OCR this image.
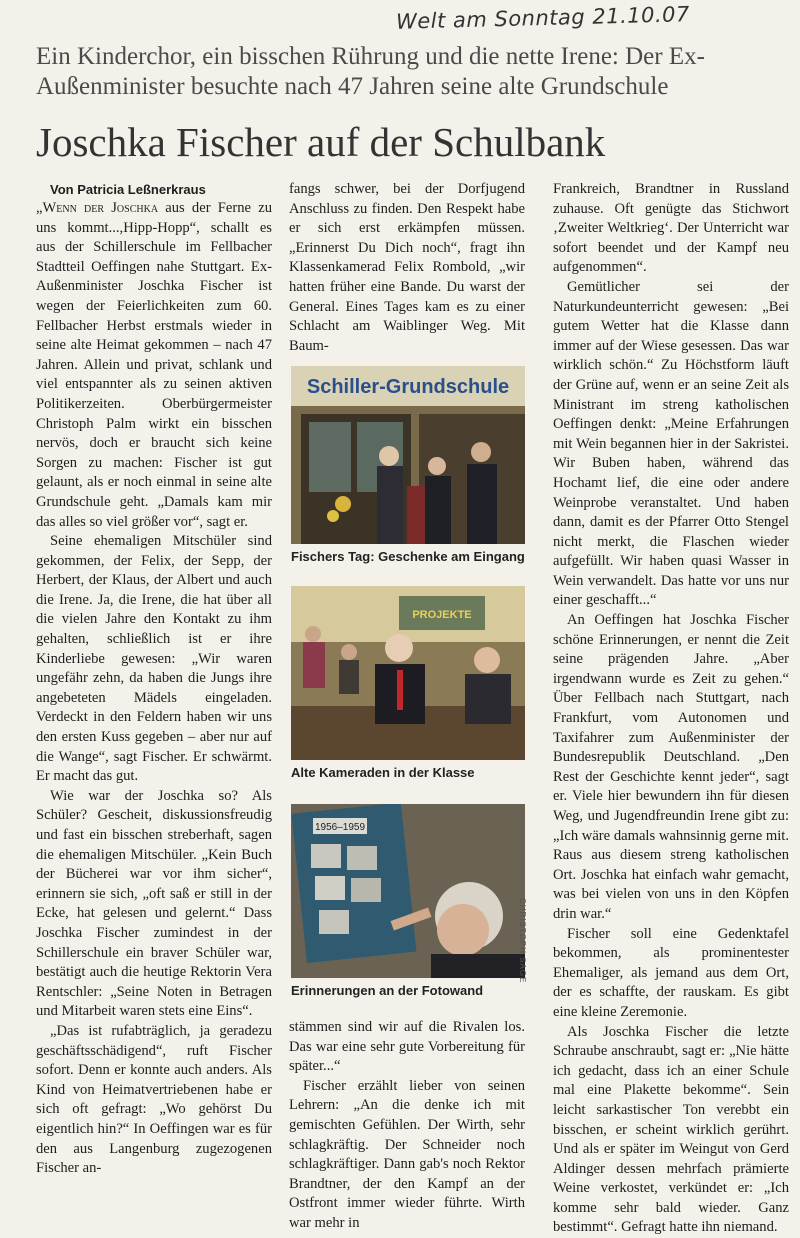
Welt am Sonntag 21.10.07
Ein Kinderchor, ein bisschen Rührung und die nette Irene: Der Ex-Außenminister besuchte nach 47 Jahren seine alte Grundschule
Joschka Fischer auf der Schulbank

Von Patricia Leßnerkraus

„Wenn der Joschka aus der Ferne zu uns kommt...,Hipp-Hopp“, schallt es aus der Schillerschule im Fellbacher Stadtteil Oeffingen nahe Stuttgart. Ex-Außenminister Joschka Fischer ist wegen der Feierlichkeiten zum 60. Fellbacher Herbst erstmals wieder in seine alte Heimat gekommen – nach 47 Jahren. Allein und privat, schlank und viel entspannter als zu seinen aktiven Politikerzeiten. Oberbürgermeister Christoph Palm wirkt ein bisschen nervös, doch er braucht sich keine Sorgen zu machen: Fischer ist gut gelaunt, als er noch einmal in seine alte Grundschule geht. „Damals kam mir das alles so viel größer vor“, sagt er.

Seine ehemaligen Mitschüler sind gekommen, der Felix, der Sepp, der Herbert, der Klaus, der Albert und auch die Irene. Ja, die Irene, die hat über all die vielen Jahre den Kontakt zu ihm gehalten, schließlich ist er ihre Kinderliebe gewesen: „Wir waren ungefähr zehn, da haben die Jungs ihre angebeteten Mädels eingeladen. Verdeckt in den Feldern haben wir uns den ersten Kuss gegeben – aber nur auf die Wange“, sagt Fischer. Er schwärmt. Er macht das gut.

Wie war der Joschka so? Als Schüler? Gescheit, diskussionsfreudig und fast ein bisschen streberhaft, sagen die ehemaligen Mitschüler. „Kein Buch der Bücherei war vor ihm sicher“, erinnern sie sich, „oft saß er still in der Ecke, hat gelesen und gelernt.“ Dass Joschka Fischer zumindest in der Schillerschule ein braver Schüler war, bestätigt auch die heutige Rektorin Vera Rentschler: „Seine Noten in Betragen und Mitarbeit waren stets eine Eins“.

„Das ist rufabträglich, ja geradezu geschäftsschädigend“, ruft Fischer sofort. Denn er konnte auch anders. Als Kind von Heimatvertriebenen habe er sich oft gefragt: „Wo gehörst Du eigentlich hin?“ In Oeffingen war es für den aus Langenburg zugezogenen Fischer an-

fangs schwer, bei der Dorfjugend Anschluss zu finden. Den Respekt habe er sich erst erkämpfen müssen. „Erinnerst Du Dich noch“, fragt ihn Klassenkamerad Felix Rombold, „wir hatten früher eine Bande. Du warst der General. Eines Tages kam es zu einer Schlacht am Waiblinger Weg. Mit Baum-

Schiller-Grundschule
Fischers Tag: Geschenke am Eingang
PROJEKTE
Alte Kameraden in der Klasse
1956–1959
CHRISTOPH SAGE
Erinnerungen an der Fotowand

stämmen sind wir auf die Rivalen los. Das war eine sehr gute Vorbereitung für später...“

Fischer erzählt lieber von seinen Lehrern: „An die denke ich mit gemischten Gefühlen. Der Wirth, sehr schlagkräftig. Der Schneider noch schlagkräftiger. Dann gab's noch Rektor Brandtner, der den Kampf an der Ostfront immer wieder führte. Wirth war mehr in

Frankreich, Brandtner in Russland zuhause. Oft genügte das Stichwort ‚Zweiter Weltkrieg‘. Der Unterricht war sofort beendet und der Kampf neu aufgenommen“.

Gemütlicher sei der Naturkundeunterricht gewesen: „Bei gutem Wetter hat die Klasse dann immer auf der Wiese gesessen. Das war wirklich schön.“ Zu Höchstform läuft der Grüne auf, wenn er an seine Zeit als Ministrant im streng katholischen Oeffingen denkt: „Meine Erfahrungen mit Wein begannen hier in der Sakristei. Wir Buben haben, während das Hochamt lief, die eine oder andere Weinprobe veranstaltet. Und haben dann, damit es der Pfarrer Otto Stengel nicht merkt, die Flaschen wieder aufgefüllt. Wir haben quasi Wasser in Wein verwandelt. Das hatte vor uns nur einer geschafft...“

An Oeffingen hat Joschka Fischer schöne Erinnerungen, er nennt die Zeit seine prägenden Jahre. „Aber irgendwann wurde es Zeit zu gehen.“ Über Fellbach nach Stuttgart, nach Frankfurt, vom Autonomen und Taxifahrer zum Außenminister der Bundesrepublik Deutschland. „Den Rest der Geschichte kennt jeder“, sagt er. Viele hier bewundern ihn für diesen Weg, und Jugendfreundin Irene gibt zu: „Ich wäre damals wahnsinnig gerne mit. Raus aus diesem streng katholischen Ort. Joschka hat einfach wahr gemacht, was bei vielen von uns in den Köpfen drin war.“

Fischer soll eine Gedenktafel bekommen, als prominentester Ehemaliger, als jemand aus dem Ort, der es schaffte, der rauskam. Es gibt eine kleine Zeremonie.

Als Joschka Fischer die letzte Schraube anschraubt, sagt er: „Nie hätte ich gedacht, dass ich an einer Schule mal eine Plakette bekomme“. Sein leicht sarkastischer Ton verebbt ein bisschen, er scheint wirklich gerührt. Und als er später im Weingut von Gerd Aldinger dessen mehrfach prämierte Weine verkostet, verkündet er: „Ich komme sehr bald wieder. Ganz bestimmt“. Gefragt hatte ihn niemand.
